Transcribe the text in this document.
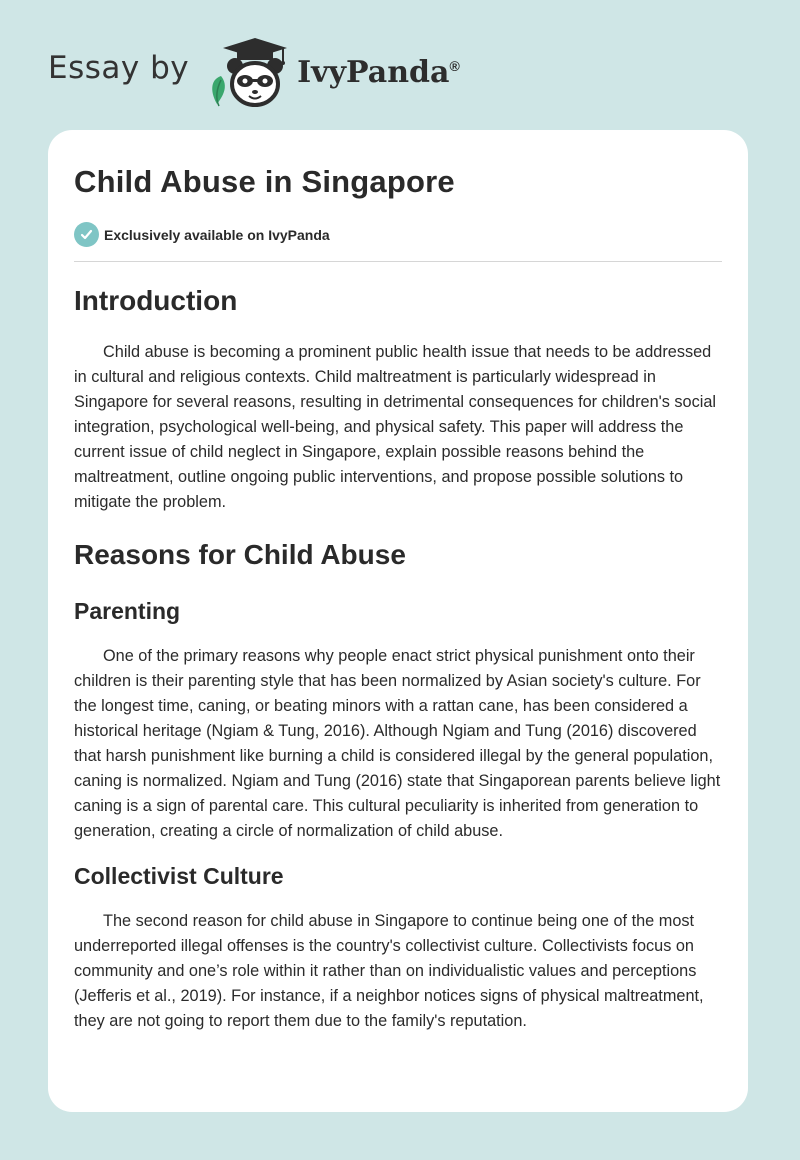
Essay by	IvyPanda®
Child Abuse in Singapore
Exclusively available on IvyPanda
Introduction

Child abuse is becoming a prominent public health issue that needs to be addressed in cultural and religious contexts. Child maltreatment is particularly widespread in Singapore for several reasons, resulting in detrimental consequences for children's social integration, psychological well-being, and physical safety. This paper will address the current issue of child neglect in Singapore, explain possible reasons behind the maltreatment, outline ongoing public interventions, and propose possible solutions to mitigate the problem.

Reasons for Child Abuse
Parenting

One of the primary reasons why people enact strict physical punishment onto their children is their parenting style that has been normalized by Asian society's culture. For the longest time, caning, or beating minors with a rattan cane, has been considered a historical heritage (Ngiam & Tung, 2016). Although Ngiam and Tung (2016) discovered that harsh punishment like burning a child is considered illegal by the general population, caning is normalized. Ngiam and Tung (2016) state that Singaporean parents believe light caning is a sign of parental care. This cultural peculiarity is inherited from generation to generation, creating a circle of normalization of child abuse.

Collectivist Culture

The second reason for child abuse in Singapore to continue being one of the most underreported illegal offenses is the country's collectivist culture. Collectivists focus on community and one’s role within it rather than on individualistic values and perceptions (Jefferis et al., 2019). For instance, if a neighbor notices signs of physical maltreatment, they are not going to report them due to the family's reputation.
